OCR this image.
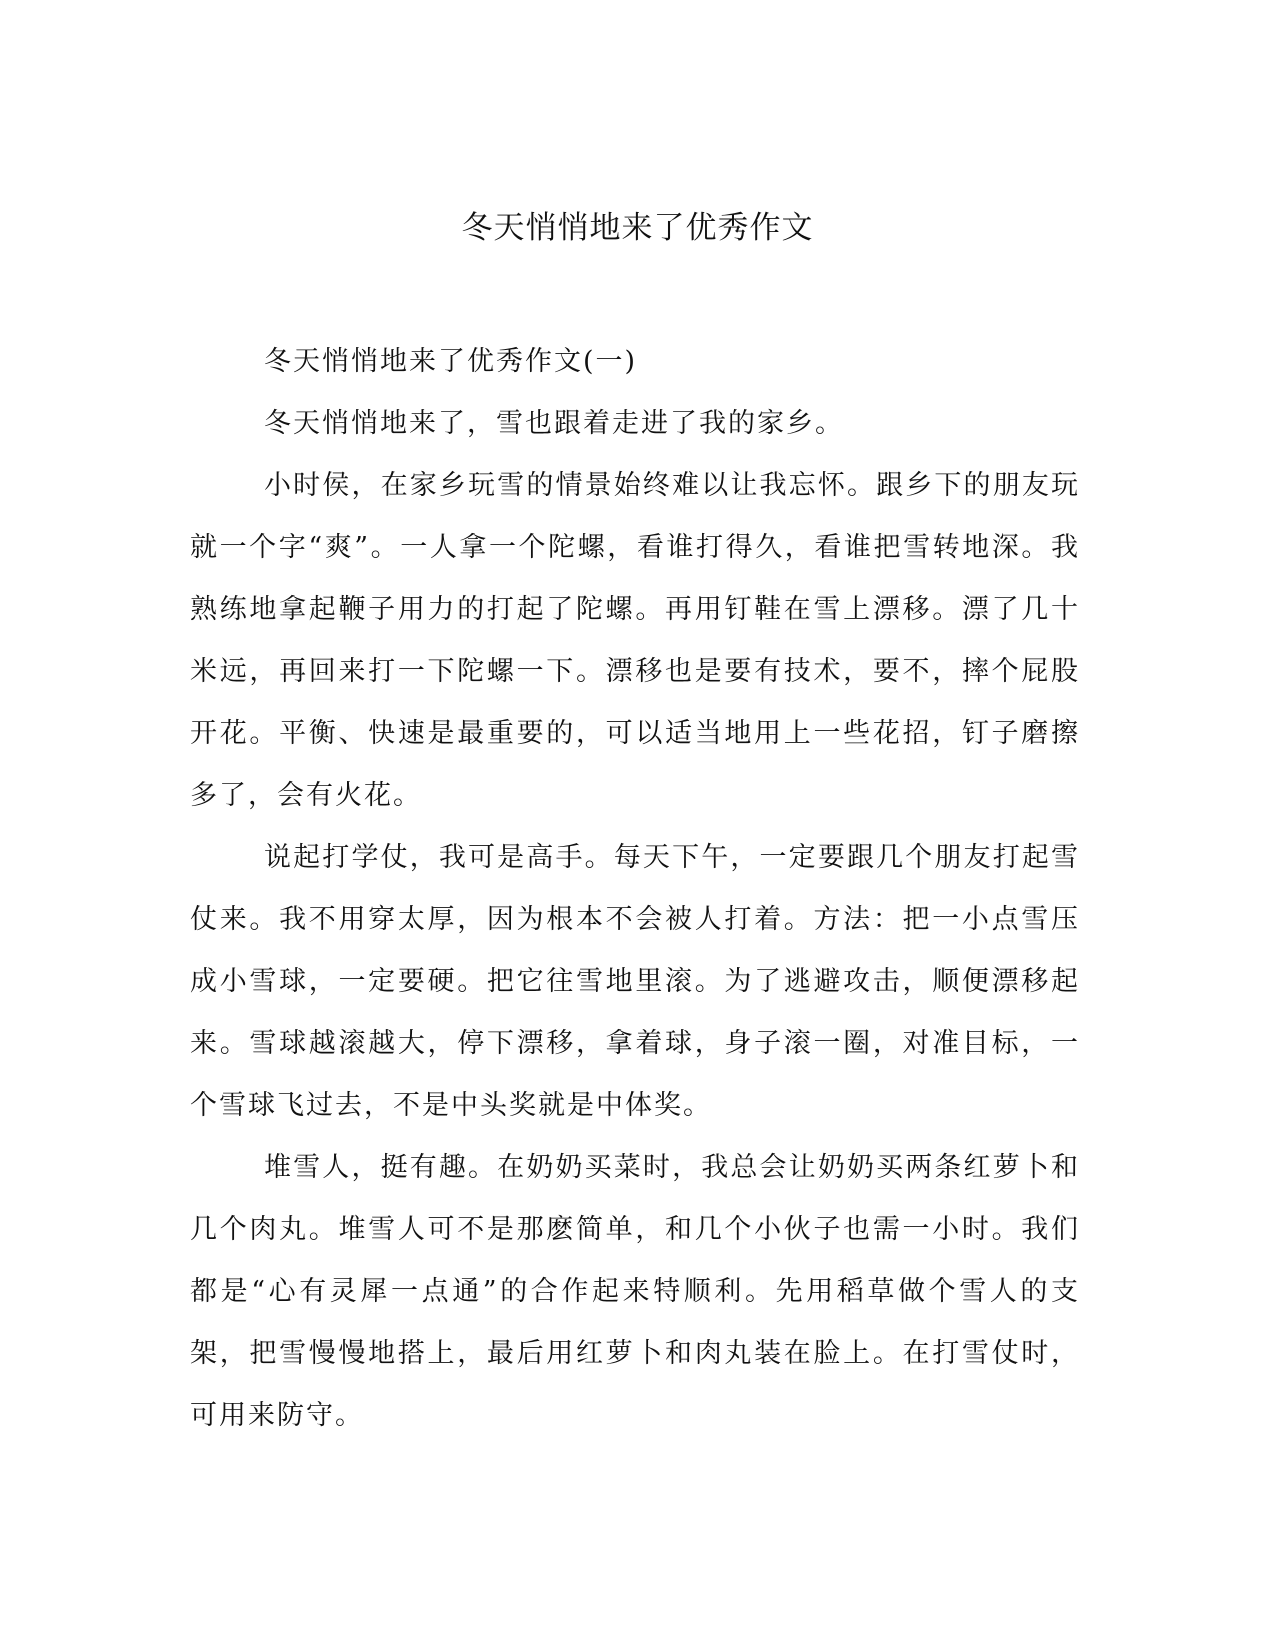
冬天悄悄地来了优秀作文

冬天悄悄地来了优秀作文(一)

冬天悄悄地来了，雪也跟着走进了我的家乡。

小时侯，在家乡玩雪的情景始终难以让我忘怀。跟乡下的朋友玩就一个字“爽”。一人拿一个陀螺，看谁打得久，看谁把雪转地深。我熟练地拿起鞭子用力的打起了陀螺。再用钉鞋在雪上漂移。漂了几十米远，再回来打一下陀螺一下。漂移也是要有技术，要不，摔个屁股开花。平衡、快速是最重要的，可以适当地用上一些花招，钉子磨擦多了，会有火花。

说起打学仗，我可是高手。每天下午，一定要跟几个朋友打起雪仗来。我不用穿太厚，因为根本不会被人打着。方法：把一小点雪压成小雪球，一定要硬。把它往雪地里滚。为了逃避攻击，顺便漂移起来。雪球越滚越大，停下漂移，拿着球，身子滚一圈，对准目标，一个雪球飞过去，不是中头奖就是中体奖。

堆雪人，挺有趣。在奶奶买菜时，我总会让奶奶买两条红萝卜和几个肉丸。堆雪人可不是那麽简单，和几个小伙子也需一小时。我们都是“心有灵犀一点通”的合作起来特顺利。先用稻草做个雪人的支架，把雪慢慢地搭上，最后用红萝卜和肉丸装在脸上。在打雪仗时，可用来防守。
